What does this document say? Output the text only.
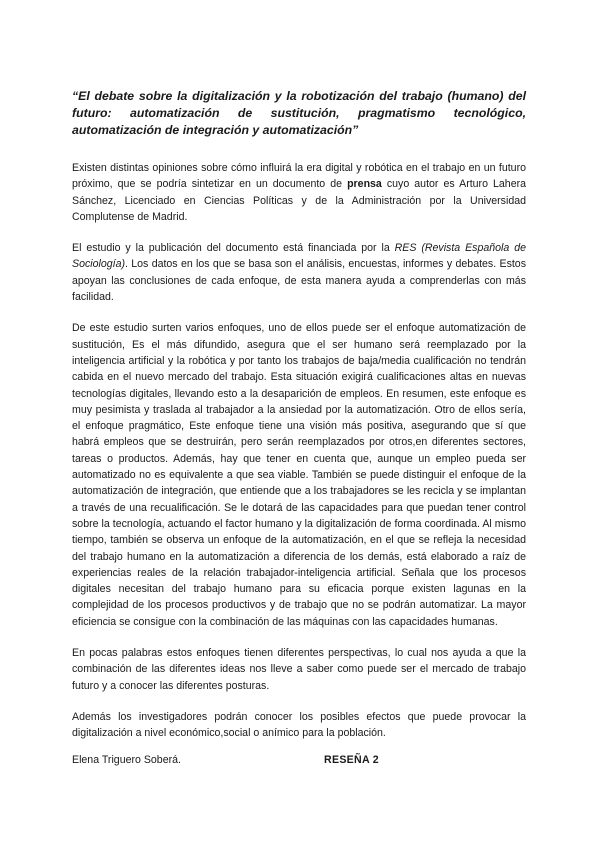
“El debate sobre la digitalización y la robotización del trabajo (humano) del futuro: automatización de sustitución, pragmatismo tecnológico, automatización de integración y automatización”

Existen distintas opiniones sobre cómo influirá la era digital y robótica en el trabajo en un futuro próximo, que se podría sintetizar en un documento de prensa cuyo autor es Arturo Lahera Sánchez, Licenciado en Ciencias Políticas y de la Administración por la Universidad Complutense de Madrid.

El estudio y la publicación del documento está financiada por la RES (Revista Española de Sociología). Los datos en los que se basa son el análisis, encuestas, informes y debates. Estos apoyan las conclusiones de cada enfoque, de esta manera ayuda a comprenderlas con más facilidad.

De este estudio surten varios enfoques, uno de ellos puede ser el enfoque automatización de sustitución, Es el más difundido, asegura que el ser humano será reemplazado por la inteligencia artificial y la robótica y por tanto los trabajos de baja/media cualificación no tendrán cabida en el nuevo mercado del trabajo. Esta situación exigirá cualificaciones altas en nuevas tecnologías digitales, llevando esto a la desaparición de empleos. En resumen, este enfoque es muy pesimista y traslada al trabajador a la ansiedad por la automatización. Otro de ellos sería, el enfoque pragmático, Este enfoque tiene una visión más positiva, asegurando que sí que habrá empleos que se destruirán, pero serán reemplazados por otros,en diferentes sectores, tareas o productos. Además, hay que tener en cuenta que, aunque un empleo pueda ser automatizado no es equivalente a que sea viable. También se puede distinguir el enfoque de la automatización de integración, que entiende que a los trabajadores se les recicla y se implantan a través de una recualificación. Se le dotará de las capacidades para que puedan tener control sobre la tecnología, actuando el factor humano y la digitalización de forma coordinada. Al mismo tiempo, también se observa un enfoque de la automatización, en el que se refleja la necesidad del trabajo humano en la automatización a diferencia de los demás, está elaborado a raíz de experiencias reales de la relación trabajador-inteligencia artificial. Señala que los procesos digitales necesitan del trabajo humano para su eficacia porque existen lagunas en la complejidad de los procesos productivos y de trabajo que no se podrán automatizar. La mayor eficiencia se consigue con la combinación de las máquinas con las capacidades humanas.

En pocas palabras estos enfoques tienen diferentes perspectivas, lo cual nos ayuda a que la combinación de las diferentes ideas nos lleve a saber como puede ser el mercado de trabajo futuro y a conocer las diferentes posturas.

Además los investigadores podrán conocer los posibles efectos que puede provocar la digitalización a nivel económico,social o anímico para la población.

Elena Triguero Soberá.	RESEÑA 2
